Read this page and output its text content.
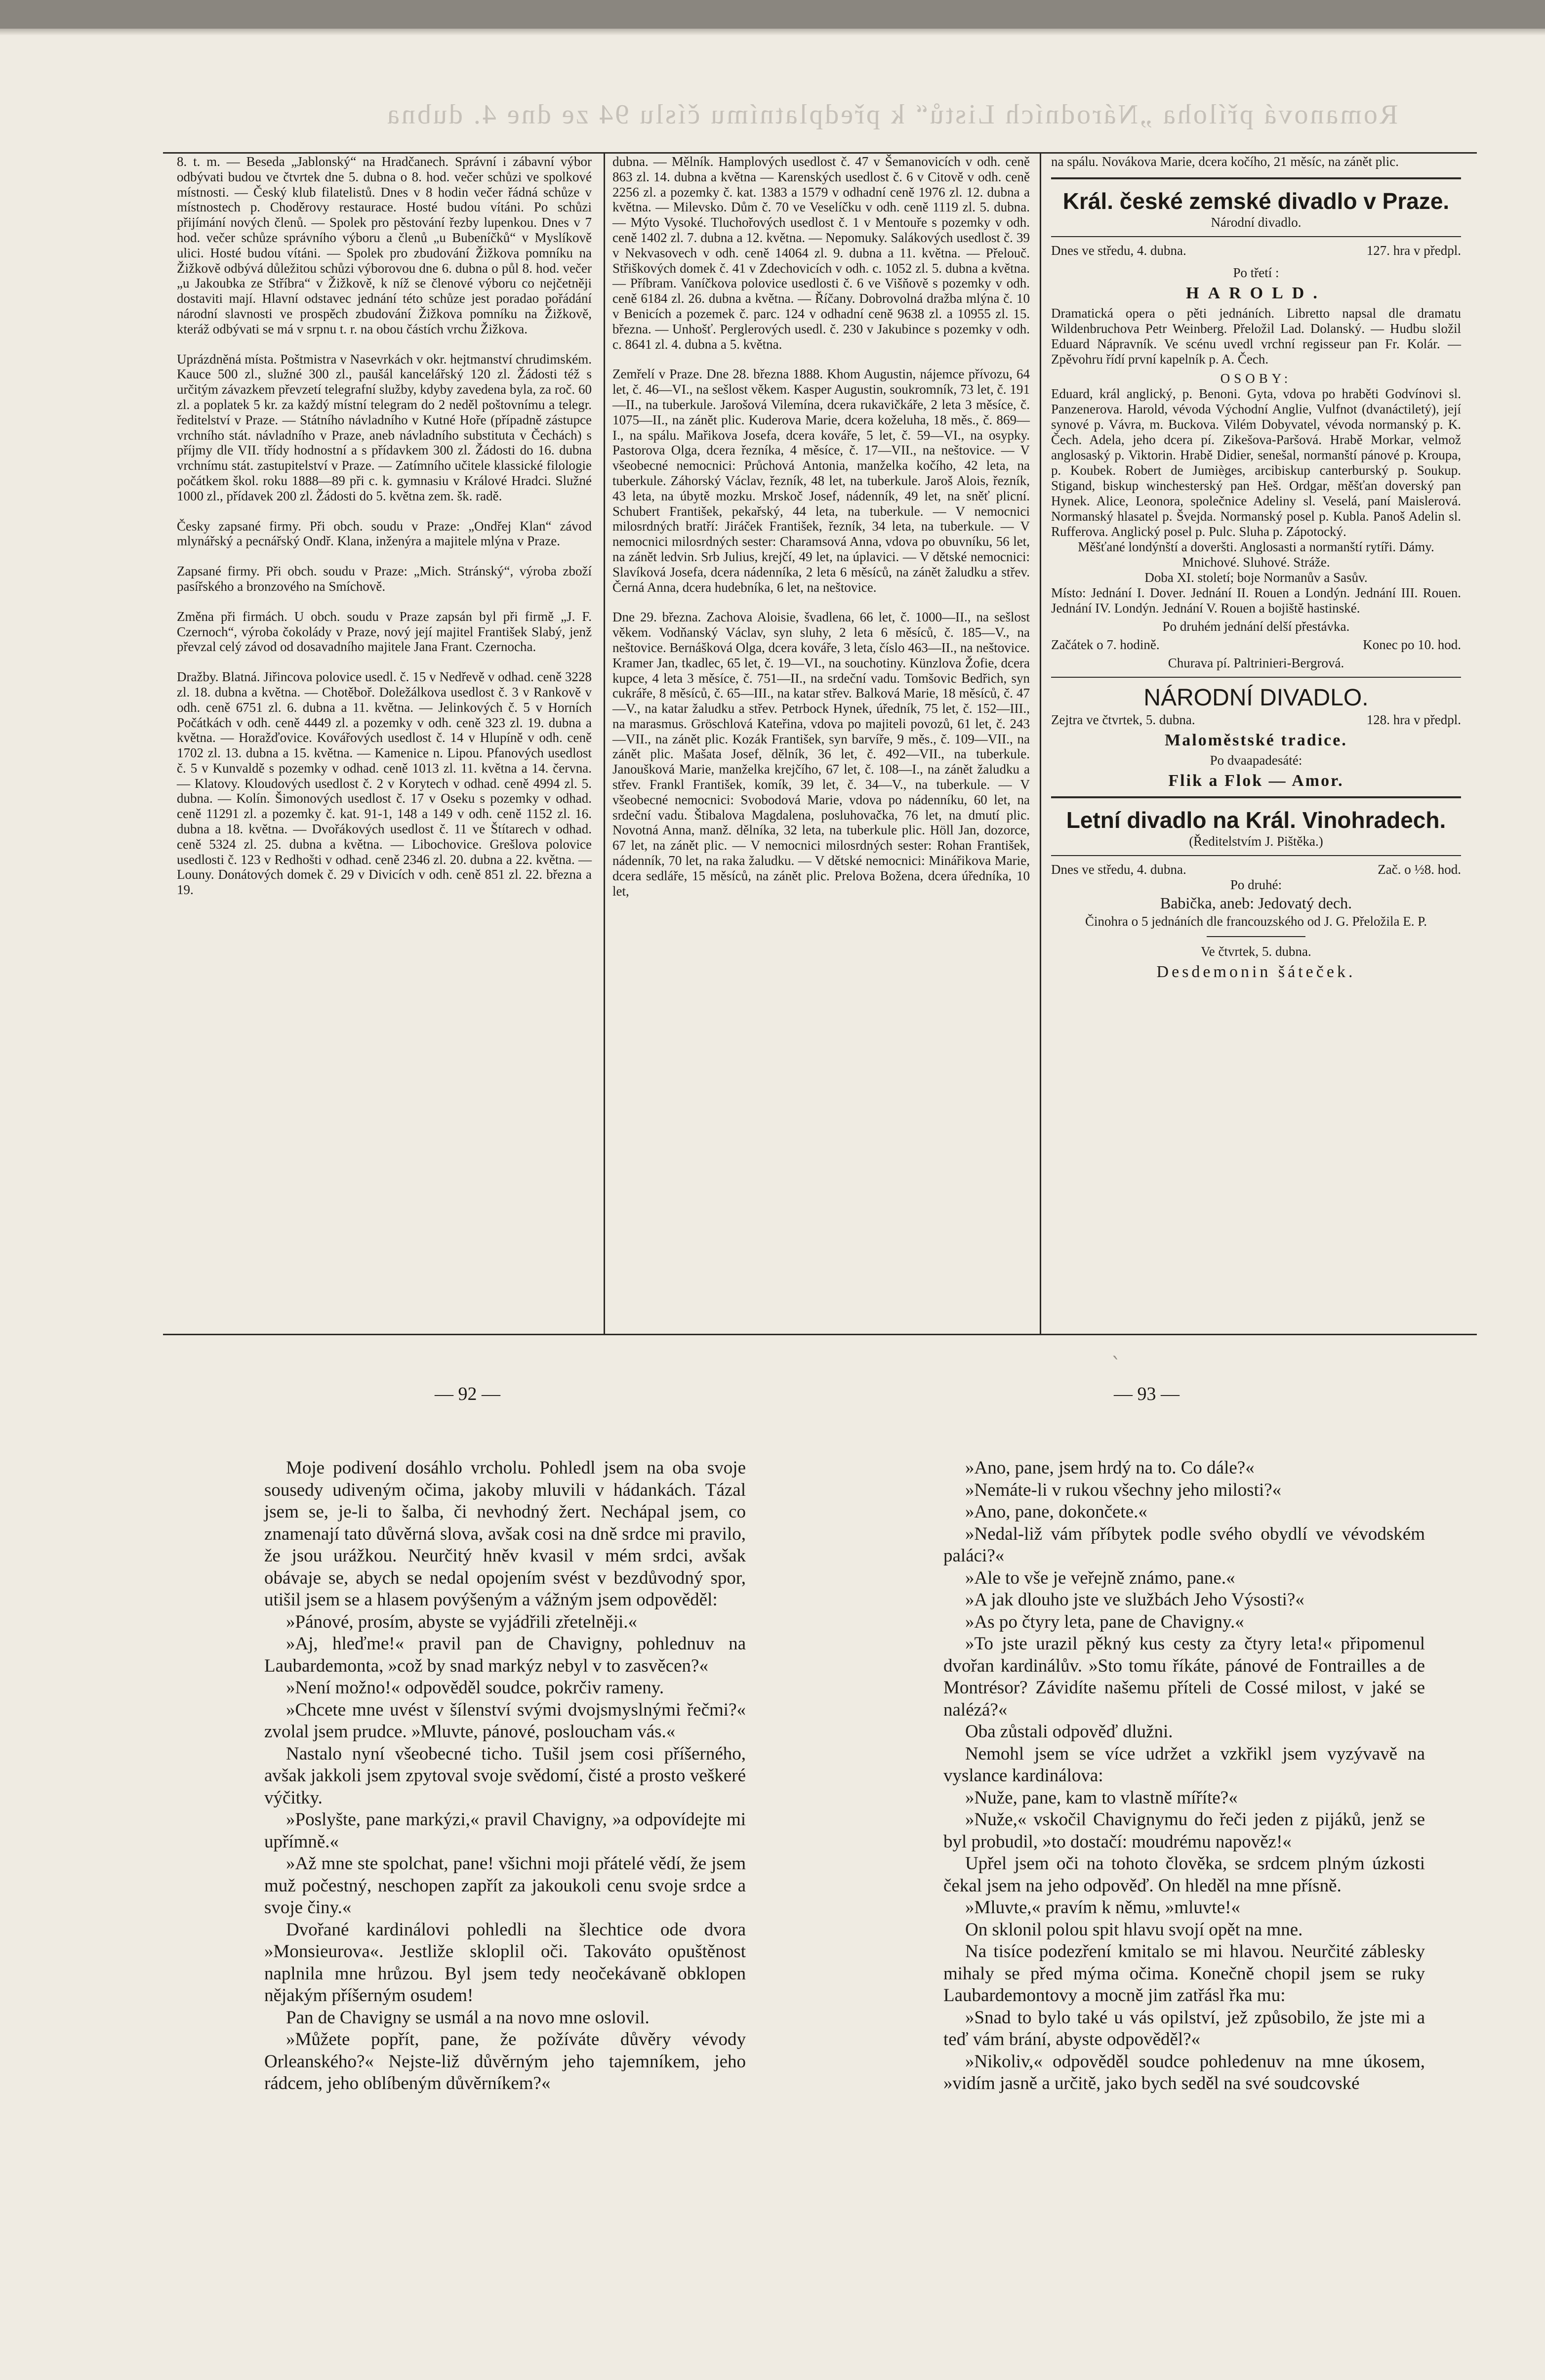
Romanová příloha „Národních Listů“ k předplatnímu číslu 94 ze dne 4. dubna

8. t. m. — Beseda „Jablonský“ na Hradčanech. Správní i zábavní výbor odbývati budou ve čtvrtek dne 5. dubna o 8. hod. večer schůzi ve spolkové místnosti. — Český klub filatelistů. Dnes v 8 hodin večer řádná schůze v místnostech p. Choděrovy restaurace. Hosté budou vítáni. Po schůzi přijímání nových členů. — Spolek pro pěstování řezby lupenkou. Dnes v 7 hod. večer schůze správního výboru a členů „u Bubeníčků“ v Myslíkově ulici. Hosté budou vítáni. — Spolek pro zbudování Žižkova pomníku na Žižkově odbývá důležitou schůzi výborovou dne 6. dubna o půl 8. hod. večer „u Jakoubka ze Stříbra“ v Žižkově, k níž se členové výboru co nejčetněji dostaviti mají. Hlavní odstavec jednání této schůze jest poradao pořádání národní slavnosti ve prospěch zbudování Žižkova pomníku na Žižkově, kteráž odbývati se má v srpnu t. r. na obou částích vrchu Žižkova.

Uprázdněná místa. Poštmistra v Nasevrkách v okr. hejtmanství chrudimském. Kauce 500 zl., služné 300 zl., paušál kancelářský 120 zl. Žádosti též s určitým závazkem převzetí telegrafní služby, kdyby zavedena byla, za roč. 60 zl. a poplatek 5 kr. za každý místní telegram do 2 neděl poštovnímu a telegr. ředitelství v Praze. — Státního návladního v Kutné Hoře (případně zástupce vrchního stát. návladního v Praze, aneb návladního substituta v Čechách) s příjmy dle VII. třídy hodnostní a s přídavkem 300 zl. Žádosti do 16. dubna vrchnímu stát. zastupitelství v Praze. — Zatímního učitele klassické filologie počátkem škol. roku 1888—89 při c. k. gymnasiu v Králové Hradci. Služné 1000 zl., přídavek 200 zl. Žádosti do 5. května zem. šk. radě.

Česky zapsané firmy. Při obch. soudu v Praze: „Ondřej Klan“ závod mlynářský a pecnářský Ondř. Klana, inženýra a majitele mlýna v Praze.

Zapsané firmy. Při obch. soudu v Praze: „Mich. Stránský“, výroba zboží pasířského a bronzového na Smíchově.

Změna při firmách. U obch. soudu v Praze zapsán byl při firmě „J. F. Czernoch“, výroba čokolády v Praze, nový její majitel František Slabý, jenž převzal celý závod od dosavadního majitele Jana Frant. Czernocha.

Dražby. Blatná. Jiřincova polovice usedl. č. 15 v Nedřevě v odhad. ceně 3228 zl. 18. dubna a května. — Chotěboř. Doležálkova usedlost č. 3 v Rankově v odh. ceně 6751 zl. 6. dubna a 11. května. — Jelinkových č. 5 v Horních Počátkách v odh. ceně 4449 zl. a pozemky v odh. ceně 323 zl. 19. dubna a května. — Horažďovice. Kovářových usedlost č. 14 v Hlupíně v odh. ceně 1702 zl. 13. dubna a 15. května. — Kamenice n. Lipou. Pfanových usedlost č. 5 v Kunvaldě s pozemky v odhad. ceně 1013 zl. 11. května a 14. června. — Klatovy. Kloudových usedlost č. 2 v Korytech v odhad. ceně 4994 zl. 5. dubna. — Kolín. Šimonových usedlost č. 17 v Oseku s pozemky v odhad. ceně 11291 zl. a pozemky č. kat. 91-1, 148 a 149 v odh. ceně 1152 zl. 16. dubna a 18. května. — Dvořákových usedlost č. 11 ve Štítarech v odhad. ceně 5324 zl. 25. dubna a května. — Libochovice. Grešlova polovice usedlosti č. 123 v Redhošti v odhad. ceně 2346 zl. 20. dubna a 22. května. — Louny. Donátových domek č. 29 v Divicích v odh. ceně 851 zl. 22. března a 19.

dubna. — Mělník. Hamplových usedlost č. 47 v Šemanovicích v odh. ceně 863 zl. 14. dubna a května — Karenských usedlost č. 6 v Citově v odh. ceně 2256 zl. a pozemky č. kat. 1383 a 1579 v odhadní ceně 1976 zl. 12. dubna a května. — Milevsko. Dům č. 70 ve Veselíčku v odh. ceně 1119 zl. 5. dubna. — Mýto Vysoké. Tluchořových usedlost č. 1 v Mentouře s pozemky v odh. ceně 1402 zl. 7. dubna a 12. května. — Nepomuky. Salákových usedlost č. 39 v Nekvasovech v odh. ceně 14064 zl. 9. dubna a 11. května. — Přelouč. Střiškových domek č. 41 v Zdechovicích v odh. c. 1052 zl. 5. dubna a května. — Příbram. Vaníčkova polovice usedlosti č. 6 ve Višňově s pozemky v odh. ceně 6184 zl. 26. dubna a května. — Říčany. Dobrovolná dražba mlýna č. 10 v Benicích a pozemek č. parc. 124 v odhadní ceně 9638 zl. a 10955 zl. 15. března. — Unhošť. Perglerových usedl. č. 230 v Jakubince s pozemky v odh. c. 8641 zl. 4. dubna a 5. května.

Zemřelí v Praze. Dne 28. března 1888. Khom Augustin, nájemce přívozu, 64 let, č. 46—VI., na sešlost věkem. Kasper Augustin, soukromník, 73 let, č. 191—II., na tuberkule. Jarošová Vilemína, dcera rukavičkáře, 2 leta 3 měsíce, č. 1075—II., na zánět plic. Kuderova Marie, dcera koželuha, 18 měs., č. 869—I., na spálu. Mařikova Josefa, dcera kováře, 5 let, č. 59—VI., na osypky. Pastorova Olga, dcera řezníka, 4 měsíce, č. 17—VII., na neštovice. — V všeobecné nemocnici: Průchová Antonia, manželka kočího, 42 leta, na tuberkule. Záhorský Václav, řezník, 48 let, na tuberkule. Jaroš Alois, řezník, 43 leta, na úbytě mozku. Mrskoč Josef, nádenník, 49 let, na sněť plicní. Schubert František, pekařský, 44 leta, na tuberkule. — V nemocnici milosrdných bratří: Jiráček František, řezník, 34 leta, na tuberkule. — V nemocnici milosrdných sester: Charamsová Anna, vdova po obuvníku, 56 let, na zánět ledvin. Srb Julius, krejčí, 49 let, na úplavici. — V dětské nemocnici: Slavíková Josefa, dcera nádenníka, 2 leta 6 měsíců, na zánět žaludku a střev. Černá Anna, dcera hudebníka, 6 let, na neštovice.

Dne 29. března. Zachova Aloisie, švadlena, 66 let, č. 1000—II., na sešlost věkem. Vodňanský Václav, syn sluhy, 2 leta 6 měsíců, č. 185—V., na neštovice. Bernášková Olga, dcera kováře, 3 leta, číslo 463—II., na neštovice. Kramer Jan, tkadlec, 65 let, č. 19—VI., na souchotiny. Künzlova Žofie, dcera kupce, 4 leta 3 měsíce, č. 751—II., na srdeční vadu. Tomšovic Bedřich, syn cukráře, 8 měsíců, č. 65—III., na katar střev. Balková Marie, 18 měsíců, č. 47—V., na katar žaludku a střev. Petrbock Hynek, úředník, 75 let, č. 152—III., na marasmus. Gröschlová Kateřina, vdova po majiteli povozů, 61 let, č. 243—VII., na zánět plic. Kozák František, syn barvíře, 9 měs., č. 109—VII., na zánět plic. Mašata Josef, dělník, 36 let, č. 492—VII., na tuberkule. Janoušková Marie, manželka krejčího, 67 let, č. 108—I., na zánět žaludku a střev. Frankl František, komík, 39 let, č. 34—V., na tuberkule. — V všeobecné nemocnici: Svobodová Marie, vdova po nádenníku, 60 let, na srdeční vadu. Štibalova Magdalena, posluhovačka, 76 let, na dmutí plic. Novotná Anna, manž. dělníka, 32 leta, na tuberkule plic. Höll Jan, dozorce, 67 let, na zánět plic. — V nemocnici milosrdných sester: Rohan František, nádenník, 70 let, na raka žaludku. — V dětské nemocnici: Minářikova Marie, dcera sedláře, 15 měsíců, na zánět plic. Prelova Božena, dcera úředníka, 10 let,

na spálu. Novákova Marie, dcera kočího, 21 měsíc, na zánět plic.

Král. české zemské divadlo v Praze.
Národní divadlo.
Dnes ve středu, 4. dubna.	127. hra v předpl.
Po třetí :
HAROLD.

Dramatická opera o pěti jednáních. Libretto napsal dle dramatu Wildenbruchova Petr Weinberg. Přeložil Lad. Dolanský. — Hudbu složil Eduard Nápravník. Ve scénu uvedl vrchní regisseur pan Fr. Kolár. — Zpěvohru řídí první kapelník p. A. Čech.

OSOBY:

Eduard, král anglický, p. Benoni. Gyta, vdova po hraběti Godvínovi sl. Panzenerova. Harold, vévoda Východní Anglie, Vulfnot (dvanáctiletý), její synové p. Vávra, m. Buckova. Vilém Dobyvatel, vévoda normanský p. K. Čech. Adela, jeho dcera pí. Zikešova-Paršová. Hrabě Morkar, velmož anglosaský p. Viktorin. Hrabě Didier, senešal, normanští pánové p. Kroupa, p. Koubek. Robert de Jumièges, arcibiskup canterburský p. Soukup. Stigand, biskup winchesterský pan Heš. Ordgar, měšťan doverský pan Hynek. Alice, Leonora, společnice Adeliny sl. Veselá, paní Maislerová. Normanský hlasatel p. Švejda. Normanský posel p. Kubla. Panoš Adelin sl. Rufferova. Anglický posel p. Pulc. Sluha p. Zápotocký.

Měšťané londýnští a doveršti. Anglosasti a normanští rytíři. Dámy. Mnichové. Sluhové. Stráže.

Doba XI. století; boje Normanův a Sasův.

Místo: Jednání I. Dover. Jednání II. Rouen a Londýn. Jednání III. Rouen. Jednání IV. Londýn. Jednání V. Rouen a bojiště hastinské.

Po druhém jednání delší přestávka.

Začátek o 7. hodině.	Konec po 10. hod.

Churava pí. Paltrinieri-Bergrová.

NÁRODNÍ DIVADLO.
Zejtra ve čtvrtek, 5. dubna.	128. hra v předpl.
Maloměstské tradice.
Po dvaapadesáté:
Flik a Flok — Amor.
Letní divadlo na Král. Vinohradech.
(Ředitelstvím J. Pištěka.)
Dnes ve středu, 4. dubna.	Zač. o ½8. hod.
Po druhé:
Babička, aneb: Jedovatý dech.
Činohra o 5 jednáních dle francouzského od J. G. Přeložila E. P.
Ve čtvrtek, 5. dubna.
Desdemonin šáteček.
՝
— 92 —	— 93 —

Moje podivení dosáhlo vrcholu. Pohledl jsem na oba svoje sousedy udiveným očima, jakoby mluvili v hádankách. Tázal jsem se, je-li to šalba, či nevhodný žert. Nechápal jsem, co znamenají tato důvěrná slova, avšak cosi na dně srdce mi pravilo, že jsou urážkou. Neurčitý hněv kvasil v mém srdci, avšak obávaje se, abych se nedal opojením svést v bezdůvodný spor, utišil jsem se a hlasem povýšeným a vážným jsem odpověděl:

»Pánové, prosím, abyste se vyjádřili zřetelněji.«

»Aj, hleďme!« pravil pan de Chavigny, pohlednuv na Laubardemonta, »což by snad markýz nebyl v to zasvěcen?«

»Není možno!« odpověděl soudce, pokrčiv rameny.

»Chcete mne uvést v šílenství svými dvojsmyslnými řečmi?« zvolal jsem prudce. »Mluvte, pánové, posloucham vás.«

Nastalo nyní všeobecné ticho. Tušil jsem cosi příšerného, avšak jakkoli jsem zpytoval svoje svědomí, čisté a prosto veškeré výčitky.

»Poslyšte, pane markýzi,« pravil Chavigny, »a odpovídejte mi upřímně.«

»Až mne ste spolchat, pane! všichni moji přátelé vědí, že jsem muž počestný, neschopen zapřít za jakoukoli cenu svoje srdce a svoje činy.«

Dvořané kardinálovi pohledli na šlechtice ode dvora »Monsieurova«. Jestliže skloplil oči. Takováto opuštěnost naplnila mne hrůzou. Byl jsem tedy neočekávaně obklopen nějakým příšerným osudem!

Pan de Chavigny se usmál a na novo mne oslovil.

»Můžete popřít, pane, že požíváte důvěry vévody Orleanského?« Nejste-liž důvěrným jeho tajemníkem, jeho rádcem, jeho oblíbeným důvěrníkem?«

»Ano, pane, jsem hrdý na to. Co dále?«

»Nemáte-li v rukou všechny jeho milosti?«

»Ano, pane, dokončete.«

»Nedal-liž vám příbytek podle svého obydlí ve vévodském paláci?«

»Ale to vše je veřejně známo, pane.«

»A jak dlouho jste ve službách Jeho Výsosti?«

»As po čtyry leta, pane de Chavigny.«

»To jste urazil pěkný kus cesty za čtyry leta!« připomenul dvořan kardinálův. »Sto tomu říkáte, pánové de Fontrailles a de Montrésor? Závidíte našemu příteli de Cossé milost, v jaké se nalézá?«

Oba zůstali odpověď dlužni.

Nemohl jsem se více udržet a vzkřikl jsem vyzývavě na vyslance kardinálova:

»Nuže, pane, kam to vlastně míříte?«

»Nuže,« vskočil Chavignymu do řeči jeden z pijáků, jenž se byl probudil, »to dostačí: moudrému napověz!«

Upřel jsem oči na tohoto člověka, se srdcem plným úzkosti čekal jsem na jeho odpověď. On hleděl na mne přísně.

»Mluvte,« pravím k němu, »mluvte!«

On sklonil polou spit hlavu svojí opět na mne.

Na tisíce podezření kmitalo se mi hlavou. Neurčité záblesky mihaly se před mýma očima. Konečně chopil jsem se ruky Laubardemontovy a mocně jim zatřásl řka mu:

»Snad to bylo také u vás opilství, jež způsobilo, že jste mi a teď vám brání, abyste odpověděl?«

»Nikoliv,« odpověděl soudce pohledenuv na mne úkosem, »vidím jasně a určitě, jako bych seděl na své soudcovské
